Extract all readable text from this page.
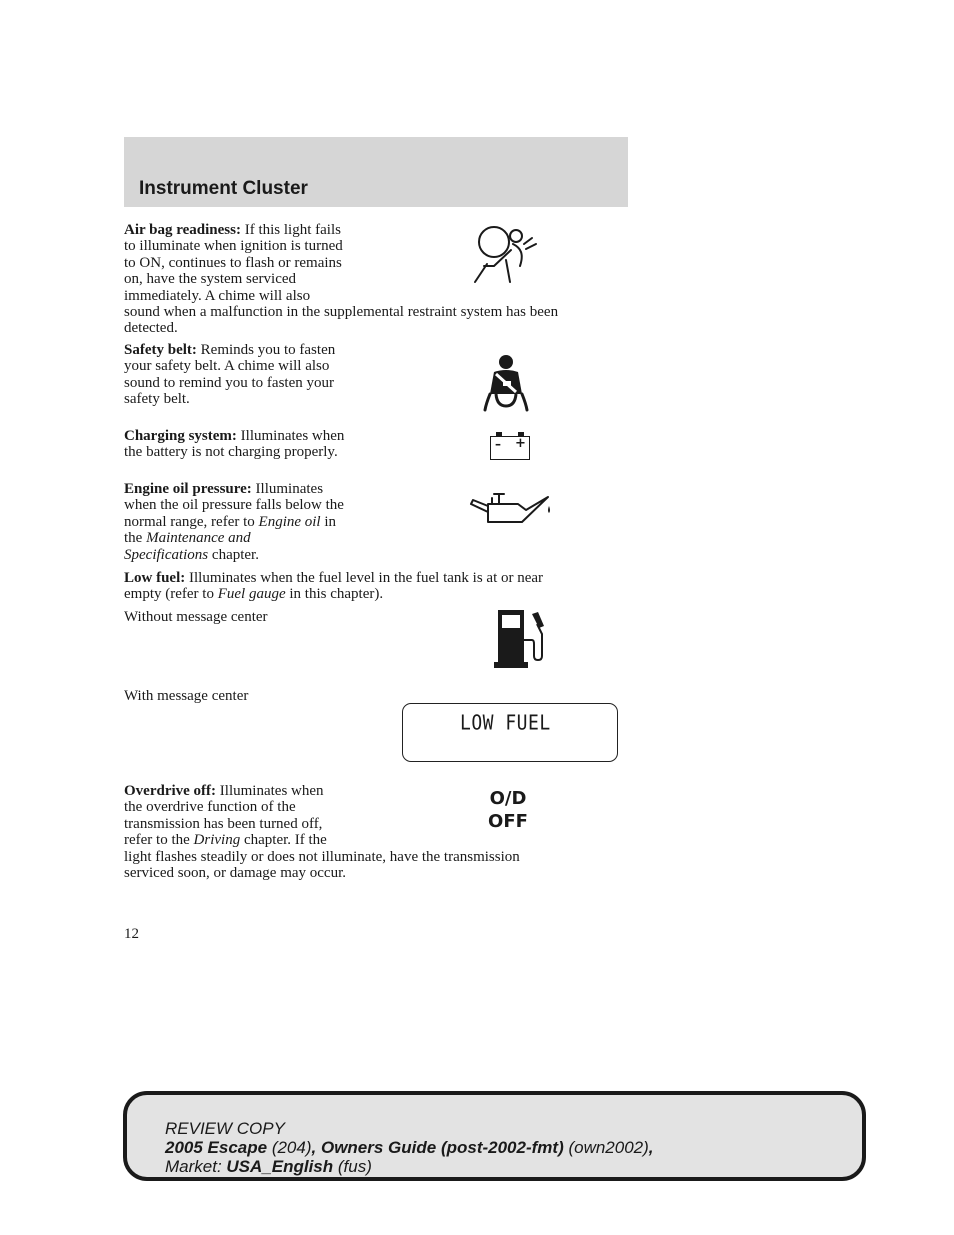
Instrument Cluster

Air bag readiness: If this light fails
to illuminate when ignition is turned
to ON, continues to flash or remains
on, have the system serviced
immediately. A chime will also
sound when a malfunction in the supplemental restraint system has been
detected.

Safety belt: Reminds you to fasten
your safety belt. A chime will also
sound to remind you to fasten your
safety belt.

Charging system: Illuminates when
the battery is not charging properly.

– +

Engine oil pressure: Illuminates
when the oil pressure falls below the
normal range, refer to Engine oil in
the Maintenance and
Specifications chapter.

Low fuel: Illuminates when the fuel level in the fuel tank is at or near
empty (refer to Fuel gauge in this chapter).

Without message center

With message center

LOW FUEL

Overdrive off: Illuminates when
the overdrive function of the
transmission has been turned off,
refer to the Driving chapter. If the
light flashes steadily or does not illuminate, have the transmission
serviced soon, or damage may occur.

O/D
OFF

12

REVIEW COPY
2005 Escape (204), Owners Guide (post-2002-fmt) (own2002),
Market: USA_English (fus)
